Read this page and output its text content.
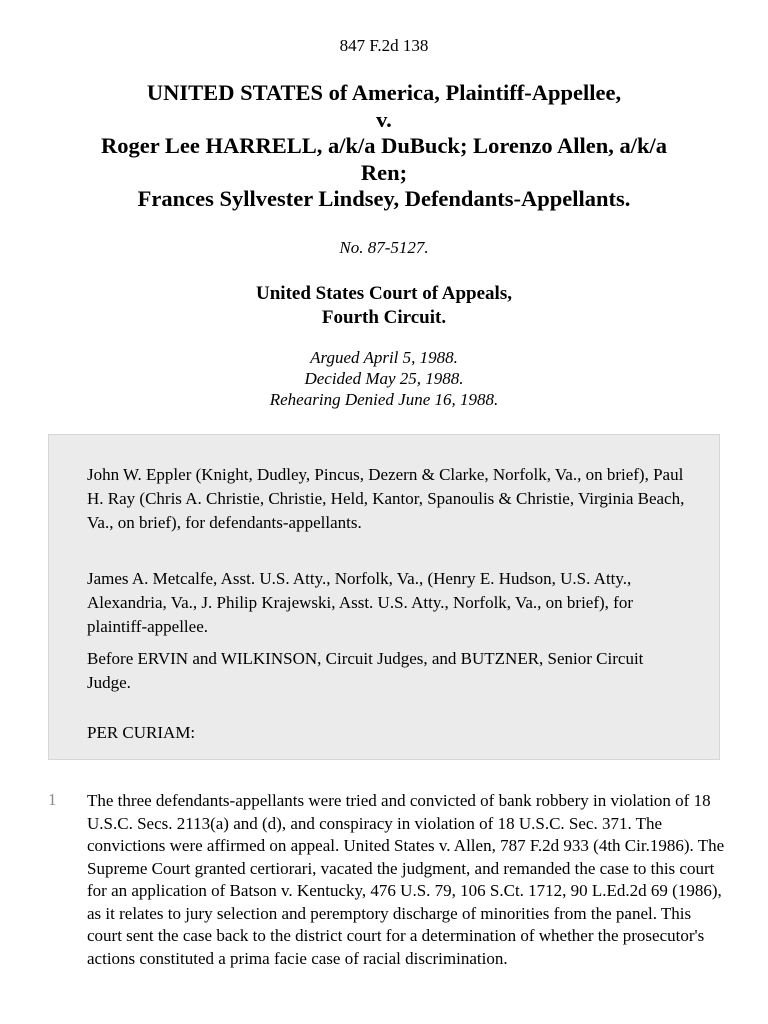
847 F.2d 138
UNITED STATES of America, Plaintiff-Appellee,
v.
Roger Lee HARRELL, a/k/a DuBuck; Lorenzo Allen, a/k/a
Ren;
Frances Syllvester Lindsey, Defendants-Appellants.
No. 87-5127.
United States Court of Appeals,
Fourth Circuit.
Argued April 5, 1988.
Decided May 25, 1988.
Rehearing Denied June 16, 1988.

John W. Eppler (Knight, Dudley, Pincus, Dezern & Clarke, Norfolk, Va., on brief), Paul H. Ray (Chris A. Christie, Christie, Held, Kantor, Spanoulis & Christie, Virginia Beach, Va., on brief), for defendants-appellants.

James A. Metcalfe, Asst. U.S. Atty., Norfolk, Va., (Henry E. Hudson, U.S. Atty., Alexandria, Va., J. Philip Krajewski, Asst. U.S. Atty., Norfolk, Va., on brief), for plaintiff-appellee.

Before ERVIN and WILKINSON, Circuit Judges, and BUTZNER, Senior Circuit Judge.

PER CURIAM:

1 The three defendants-appellants were tried and convicted of bank robbery in violation of 18 U.S.C. Secs. 2113(a) and (d), and conspiracy in violation of 18 U.S.C. Sec. 371. The convictions were affirmed on appeal. United States v. Allen, 787 F.2d 933 (4th Cir.1986). The Supreme Court granted certiorari, vacated the judgment, and remanded the case to this court for an application of Batson v. Kentucky, 476 U.S. 79, 106 S.Ct. 1712, 90 L.Ed.2d 69 (1986), as it relates to jury selection and peremptory discharge of minorities from the panel. This court sent the case back to the district court for a determination of whether the prosecutor's actions constituted a prima facie case of racial discrimination.
